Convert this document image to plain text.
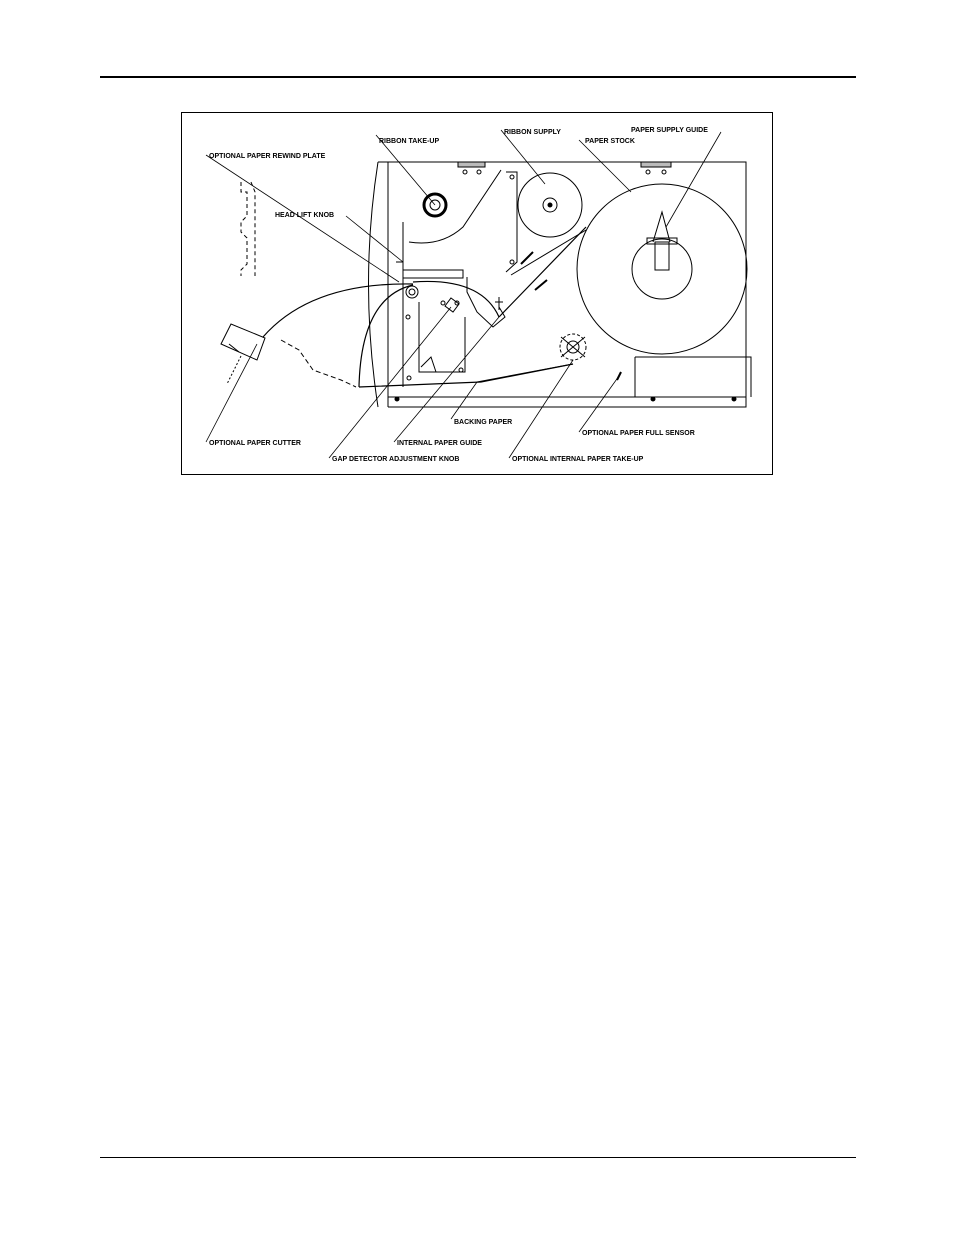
OPTIONAL PAPER REWIND PLATE
RIBBON TAKE-UP
RIBBON SUPPLY
PAPER STOCK
PAPER SUPPLY GUIDE
HEAD LIFT KNOB
OPTIONAL PAPER CUTTER
GAP DETECTOR ADJUSTMENT KNOB
INTERNAL PAPER GUIDE
BACKING PAPER
OPTIONAL INTERNAL PAPER TAKE-UP
OPTIONAL PAPER FULL SENSOR
